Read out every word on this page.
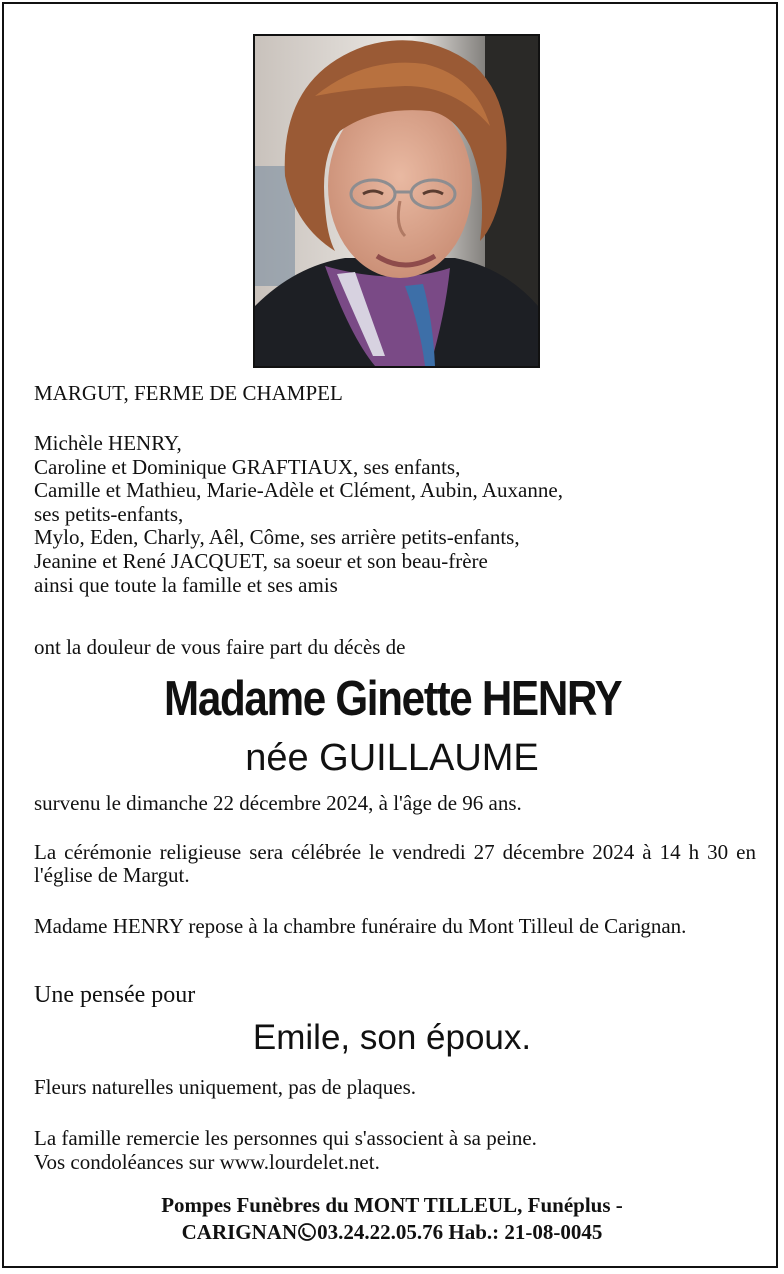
MARGUT, FERME DE CHAMPEL
Michèle HENRY,
Caroline et Dominique GRAFTIAUX, ses enfants,
Camille et Mathieu, Marie-Adèle et Clément, Aubin, Auxanne,
ses petits-enfants,
Mylo, Eden, Charly, Aêl, Côme, ses arrière petits-enfants,
Jeanine et René JACQUET, sa soeur et son beau-frère
ainsi que toute la famille et ses amis
ont la douleur de vous faire part du décès de
Madame Ginette HENRY
née GUILLAUME
survenu le dimanche 22 décembre 2024, à l'âge de 96 ans.
La cérémonie religieuse sera célébrée le vendredi 27 décembre 2024 à 14 h 30 en l'église de Margut.
Madame HENRY repose à la chambre funéraire du Mont Tilleul de Carignan.
Une pensée pour
Emile, son époux.
Fleurs naturelles uniquement, pas de plaques.
La famille remercie les personnes qui s'associent à sa peine.
Vos condoléances sur www.lourdelet.net.
Pompes Funèbres du MONT TILLEUL, Funéplus -
CARIGNAN 03.24.22.05.76 Hab.: 21-08-0045
